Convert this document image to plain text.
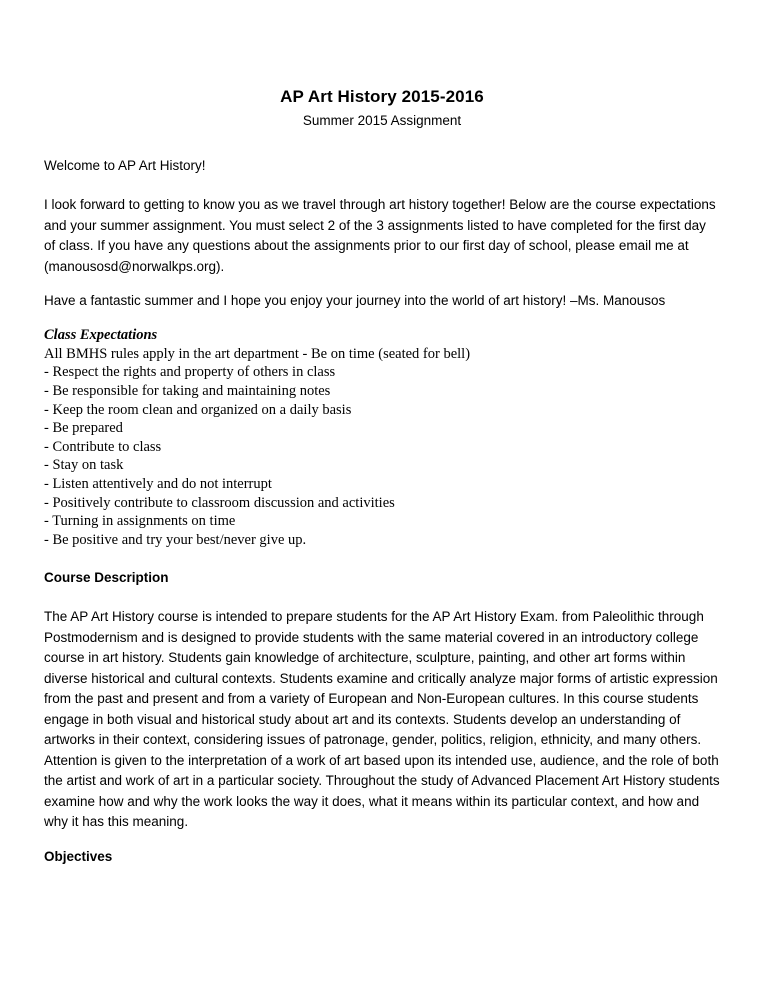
AP Art History 2015-2016
Summer 2015 Assignment

Welcome to AP Art History!

I look forward to getting to know you as we travel through art history together! Below are the course expectations and your summer assignment. You must select 2 of the 3 assignments listed to have completed for the first day of class. If you have any questions about the assignments prior to our first day of school, please email me at (manousosd@norwalkps.org).

Have a fantastic summer and I hope you enjoy your journey into the world of art history! –Ms. Manousos

Class Expectations
All BMHS rules apply in the art department - Be on time (seated for bell)
- Respect the rights and property of others in class
- Be responsible for taking and maintaining notes
- Keep the room clean and organized on a daily basis
- Be prepared
- Contribute to class
- Stay on task
- Listen attentively and do not interrupt
- Positively contribute to classroom discussion and activities
- Turning in assignments on time
- Be positive and try your best/never give up.
Course Description

The AP Art History course is intended to prepare students for the AP Art History Exam. from Paleolithic through Postmodernism and is designed to provide students with the same material covered in an introductory college course in art history. Students gain knowledge of architecture, sculpture, painting, and other art forms within diverse historical and cultural contexts. Students examine and critically analyze major forms of artistic expression from the past and present and from a variety of European and Non-European cultures. In this course students engage in both visual and historical study about art and its contexts. Students develop an understanding of artworks in their context, considering issues of patronage, gender, politics, religion, ethnicity, and many others. Attention is given to the interpretation of a work of art based upon its intended use, audience, and the role of both the artist and work of art in a particular society. Throughout the study of Advanced Placement Art History students examine how and why the work looks the way it does, what it means within its particular context, and how and why it has this meaning.

Objectives
